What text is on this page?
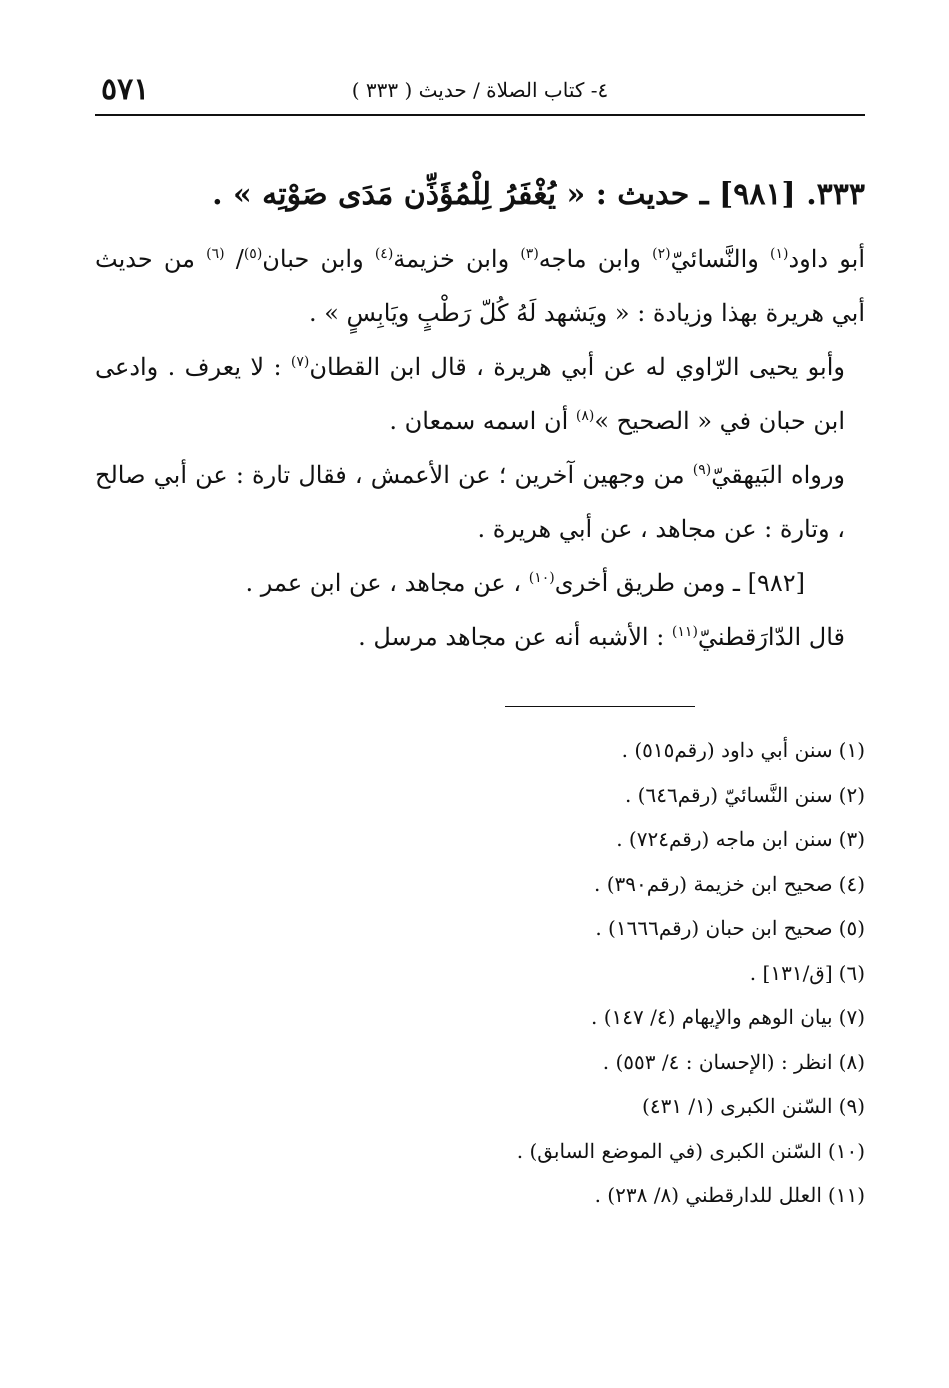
٥٧١	٤- كتاب الصلاة / حديث ( ٣٣٣ )
٣٣٣. [٩٨١] ـ حديث : « يُغْفَرُ لِلْمُؤَذِّن مَدَى صَوْتِه » .

أبو داود$^{(١)}$ والنَّسائيّ$^{(٢)}$ وابن ماجه$^{(٣)}$ وابن خزيمة$^{(٤)}$ وابن حبان$^{(٥)}$/ $^{(٦)}$ من حديث أبي هريرة بهذا وزيادة : « ويَشهد لَهُ كُلّ رَطْبٍ ويَابِسٍ » .

وأبو يحيى الرّاوي له عن أبي هريرة ، قال ابن القطان$^{(٧)}$ : لا يعرف . وادعى ابن حبان في « الصحيح »$^{(٨)}$ أن اسمه سمعان .

ورواه البَيهقيّ$^{(٩)}$ من وجهين آخرين ؛ عن الأعمش ، فقال تارة : عن أبي صالح ، وتارة : عن مجاهد ، عن أبي هريرة .

[٩٨٢] ـ ومن طريق أخرى$^{(١٠)}$ ، عن مجاهد ، عن ابن عمر .

قال الدّارَقطنيّ$^{(١١)}$ : الأشبه أنه عن مجاهد مرسل .

(١)سنن أبي داود (رقم٥١٥) .
(٢)سنن النَّسائيّ (رقم٦٤٦) .
(٣)سنن ابن ماجه (رقم٧٢٤) .
(٤)صحيح ابن خزيمة (رقم٣٩٠) .
(٥)صحيح ابن حبان (رقم١٦٦٦) .
(٦)[ق/١٣١] .
(٧)بيان الوهم والإيهام (٤/ ١٤٧) .
(٨)انظر : (الإحسان : ٤/ ٥٥٣) .
(٩)السّنن الكبرى (١/ ٤٣١)
(١٠)السّنن الكبرى (في الموضع السابق) .
(١١)العلل للدارقطني (٨/ ٢٣٨) .
